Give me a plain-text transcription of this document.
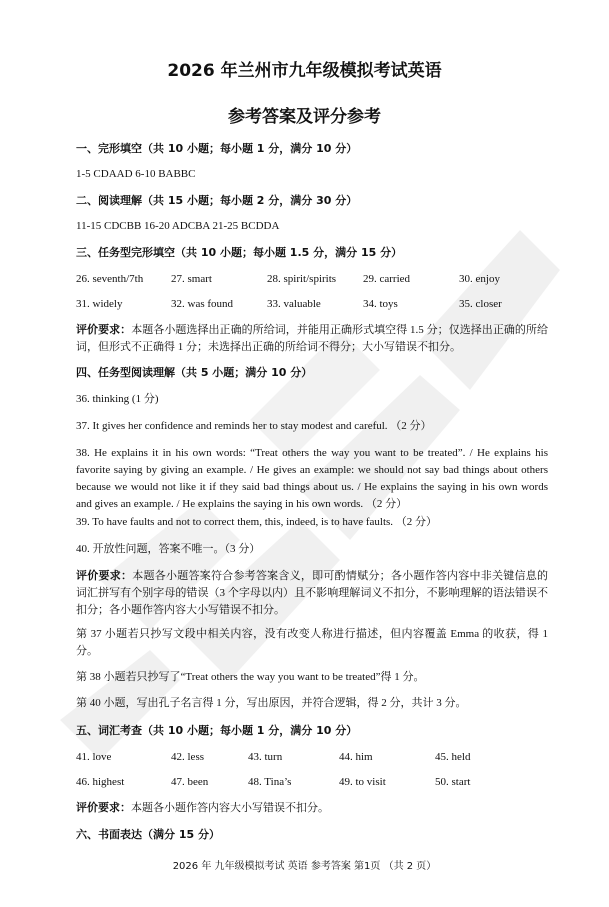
2026 年兰州市九年级模拟考试英语
参考答案及评分参考
一、完形填空（共 10 小题；每小题 1 分，满分 10 分）
1-5 CDAAD 6-10 BABBC
二、阅读理解（共 15 小题；每小题 2 分，满分 30 分）
11-15 CDCBB 16-20 ADCBA 21-25 BCDDA
三、任务型完形填空（共 10 小题；每小题 1.5 分，满分 15 分）
26. seventh/7th	27. smart	28. spirit/spirits 29. carried	30. enjoy
31. widely	32. was found	33. valuable	34. toys	35. closer
评价要求：本题各小题选择出正确的所给词，并能用正确形式填空得 1.5 分；仅选择出正确的所给词，但形式不正确得 1 分；未选择出正确的所给词不得分；大小写错误不扣分。
四、任务型阅读理解（共 5 小题；满分 10 分）
36. thinking (1 分)
37. It gives her confidence and reminds her to stay modest and careful. （2 分）
38. He explains it in his own words: “Treat others the way you want to be treated”. / He explains his favorite saying by giving an example. / He gives an example: we should not say bad things about others because we would not like it if they said bad things about us. / He explains the saying in his own words and gives an example. / He explains the saying in his own words. （2 分）
39. To have faults and not to correct them, this, indeed, is to have faults. （2 分）
40. 开放性问题，答案不唯一。（3 分）
评价要求：本题各小题答案符合参考答案含义，即可酌情赋分；各小题作答内容中非关键信息的词汇拼写有个别字母的错误（3 个字母以内）且不影响理解词义不扣分，不影响理解的语法错误不扣分；各小题作答内容大小写错误不扣分。
第 37 小题若只抄写文段中相关内容，没有改变人称进行描述，但内容覆盖 Emma 的收获，得 1 分。
第 38 小题若只抄写了“Treat others the way you want to be treated”得 1 分。
第 40 小题，写出孔子名言得 1 分，写出原因，并符合逻辑，得 2 分，共计 3 分。
五、词汇考查（共 10 小题；每小题 1 分，满分 10 分）
41. love	42. less	43. turn	44. him	45. held
46. highest	47. been	48. Tina’s	49. to visit	50. start
评价要求：本题各小题作答内容大小写错误不扣分。
六、书面表达（满分 15 分）
2026 年 九年级模拟考试 英语 参考答案 第1页 （共 2 页）
